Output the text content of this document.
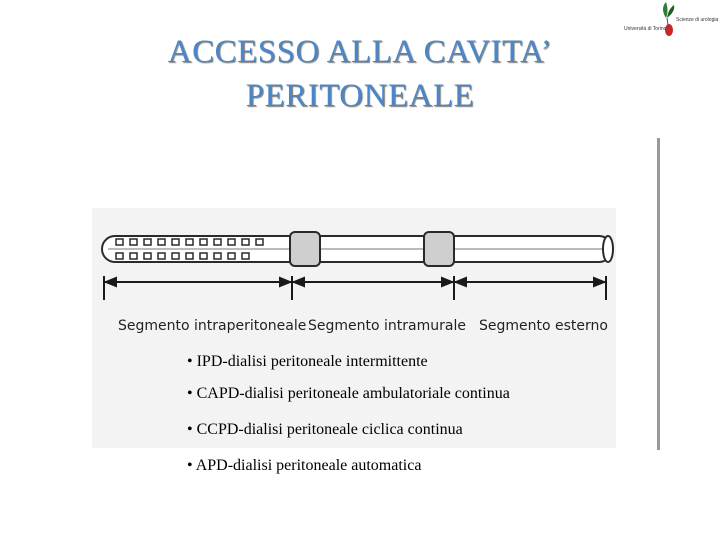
ACCESSO ALLA CAVITA’
PERITONEALE
Università di Torino
Scienze di urologia
Segmento intraperitoneale Segmento intramurale Segmento esterno
• IPD-dialisi peritoneale intermittente
• CAPD-dialisi peritoneale ambulatoriale continua
• CCPD-dialisi peritoneale ciclica continua
• APD-dialisi peritoneale automatica
